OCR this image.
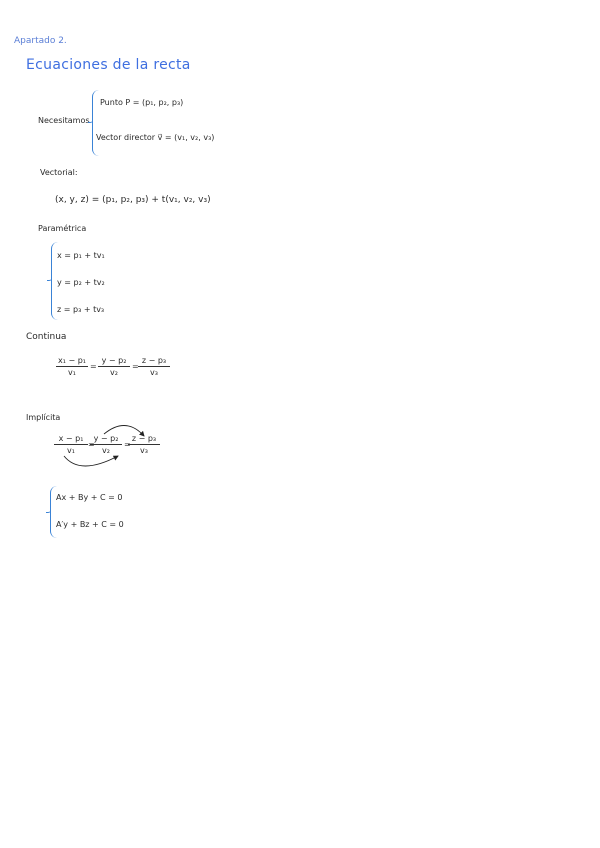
Apartado 2.
Ecuaciones de la recta
Necesitamos
Punto P = (p₁, p₂, p₃)
Vector director v⃗ = (v₁, v₂, v₃)
Vectorial:
(x, y, z) = (p₁, p₂, p₃) + t(v₁, v₂, v₃)
Paramétrica
x = p₁ + tv₁
y = p₂ + tv₂
z = p₃ + tv₃
Continua
$\frac{\text{x₁ − p₁}}{\text{v₁}} = \frac{\text{y − p₂}}{\text{v₂}} = \frac{\text{z − p₃}}{\text{v₃}}$
Implícita
$\frac{\text{x − p₁}}{\text{v₁}}$ =
$\frac{\text{y − p₂}}{\text{v₂}}$ =
$\frac{\text{z − p₃}}{\text{v₃}}$
Ax + By + C = 0
A′y + Bz + C = 0
